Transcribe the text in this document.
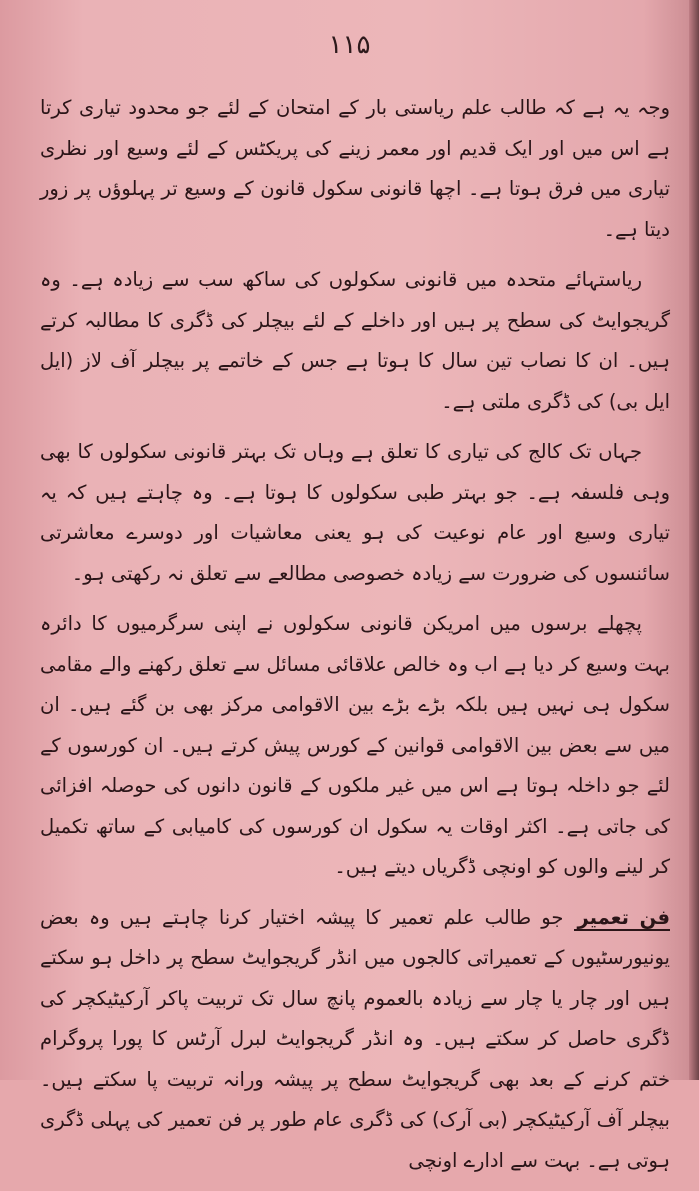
۱۱۵

وجہ یہ ہے کہ طالب علم ریاستی بار کے امتحان کے لئے جو محدود تیاری کرتا ہے اس میں اور ایک قدیم اور معمر زینے کی پریکٹس کے لئے وسیع اور نظری تیاری میں فرق ہوتا ہے۔ اچھا قانونی سکول قانون کے وسیع تر پہلوؤں پر زور دیتا ہے۔

ریاستہائے متحدہ میں قانونی سکولوں کی ساکھ سب سے زیادہ ہے۔ وہ گریجوایٹ کی سطح پر ہیں اور داخلے کے لئے بیچلر کی ڈگری کا مطالبہ کرتے ہیں۔ ان کا نصاب تین سال کا ہوتا ہے جس کے خاتمے پر بیچلر آف لاز (ایل ایل بی) کی ڈگری ملتی ہے۔

جہاں تک کالج کی تیاری کا تعلق ہے وہاں تک بہتر قانونی سکولوں کا بھی وہی فلسفہ ہے۔ جو بہتر طبی سکولوں کا ہوتا ہے۔ وہ چاہتے ہیں کہ یہ تیاری وسیع اور عام نوعیت کی ہو یعنی معاشیات اور دوسرے معاشرتی سائنسوں کی ضرورت سے زیادہ خصوصی مطالعے سے تعلق نہ رکھتی ہو۔

پچھلے برسوں میں امریکن قانونی سکولوں نے اپنی سرگرمیوں کا دائرہ بہت وسیع کر دیا ہے اب وہ خالص علاقائی مسائل سے تعلق رکھنے والے مقامی سکول ہی نہیں ہیں بلکہ بڑے بڑے بین الاقوامی مرکز بھی بن گئے ہیں۔ ان میں سے بعض بین الاقوامی قوانین کے کورس پیش کرتے ہیں۔ ان کورسوں کے لئے جو داخلہ ہوتا ہے اس میں غیر ملکوں کے قانون دانوں کی حوصلہ افزائی کی جاتی ہے۔ اکثر اوقات یہ سکول ان کورسوں کی کامیابی کے ساتھ تکمیل کر لینے والوں کو اونچی ڈگریاں دیتے ہیں۔

فن تعمیر جو طالب علم تعمیر کا پیشہ اختیار کرنا چاہتے ہیں وہ بعض یونیورسٹیوں کے تعمیراتی کالجوں میں انڈر گریجوایٹ سطح پر داخل ہو سکتے ہیں اور چار یا چار سے زیادہ بالعموم پانچ سال تک تربیت پاکر آرکیٹیکچر کی ڈگری حاصل کر سکتے ہیں۔ وہ انڈر گریجوایٹ لبرل آرٹس کا پورا پروگرام ختم کرنے کے بعد بھی گریجوایٹ سطح پر پیشہ ورانہ تربیت پا سکتے ہیں۔ بیچلر آف آرکیٹیکچر (بی آرک) کی ڈگری عام طور پر فن تعمیر کی پہلی ڈگری ہوتی ہے۔ بہت سے ادارے اونچی
